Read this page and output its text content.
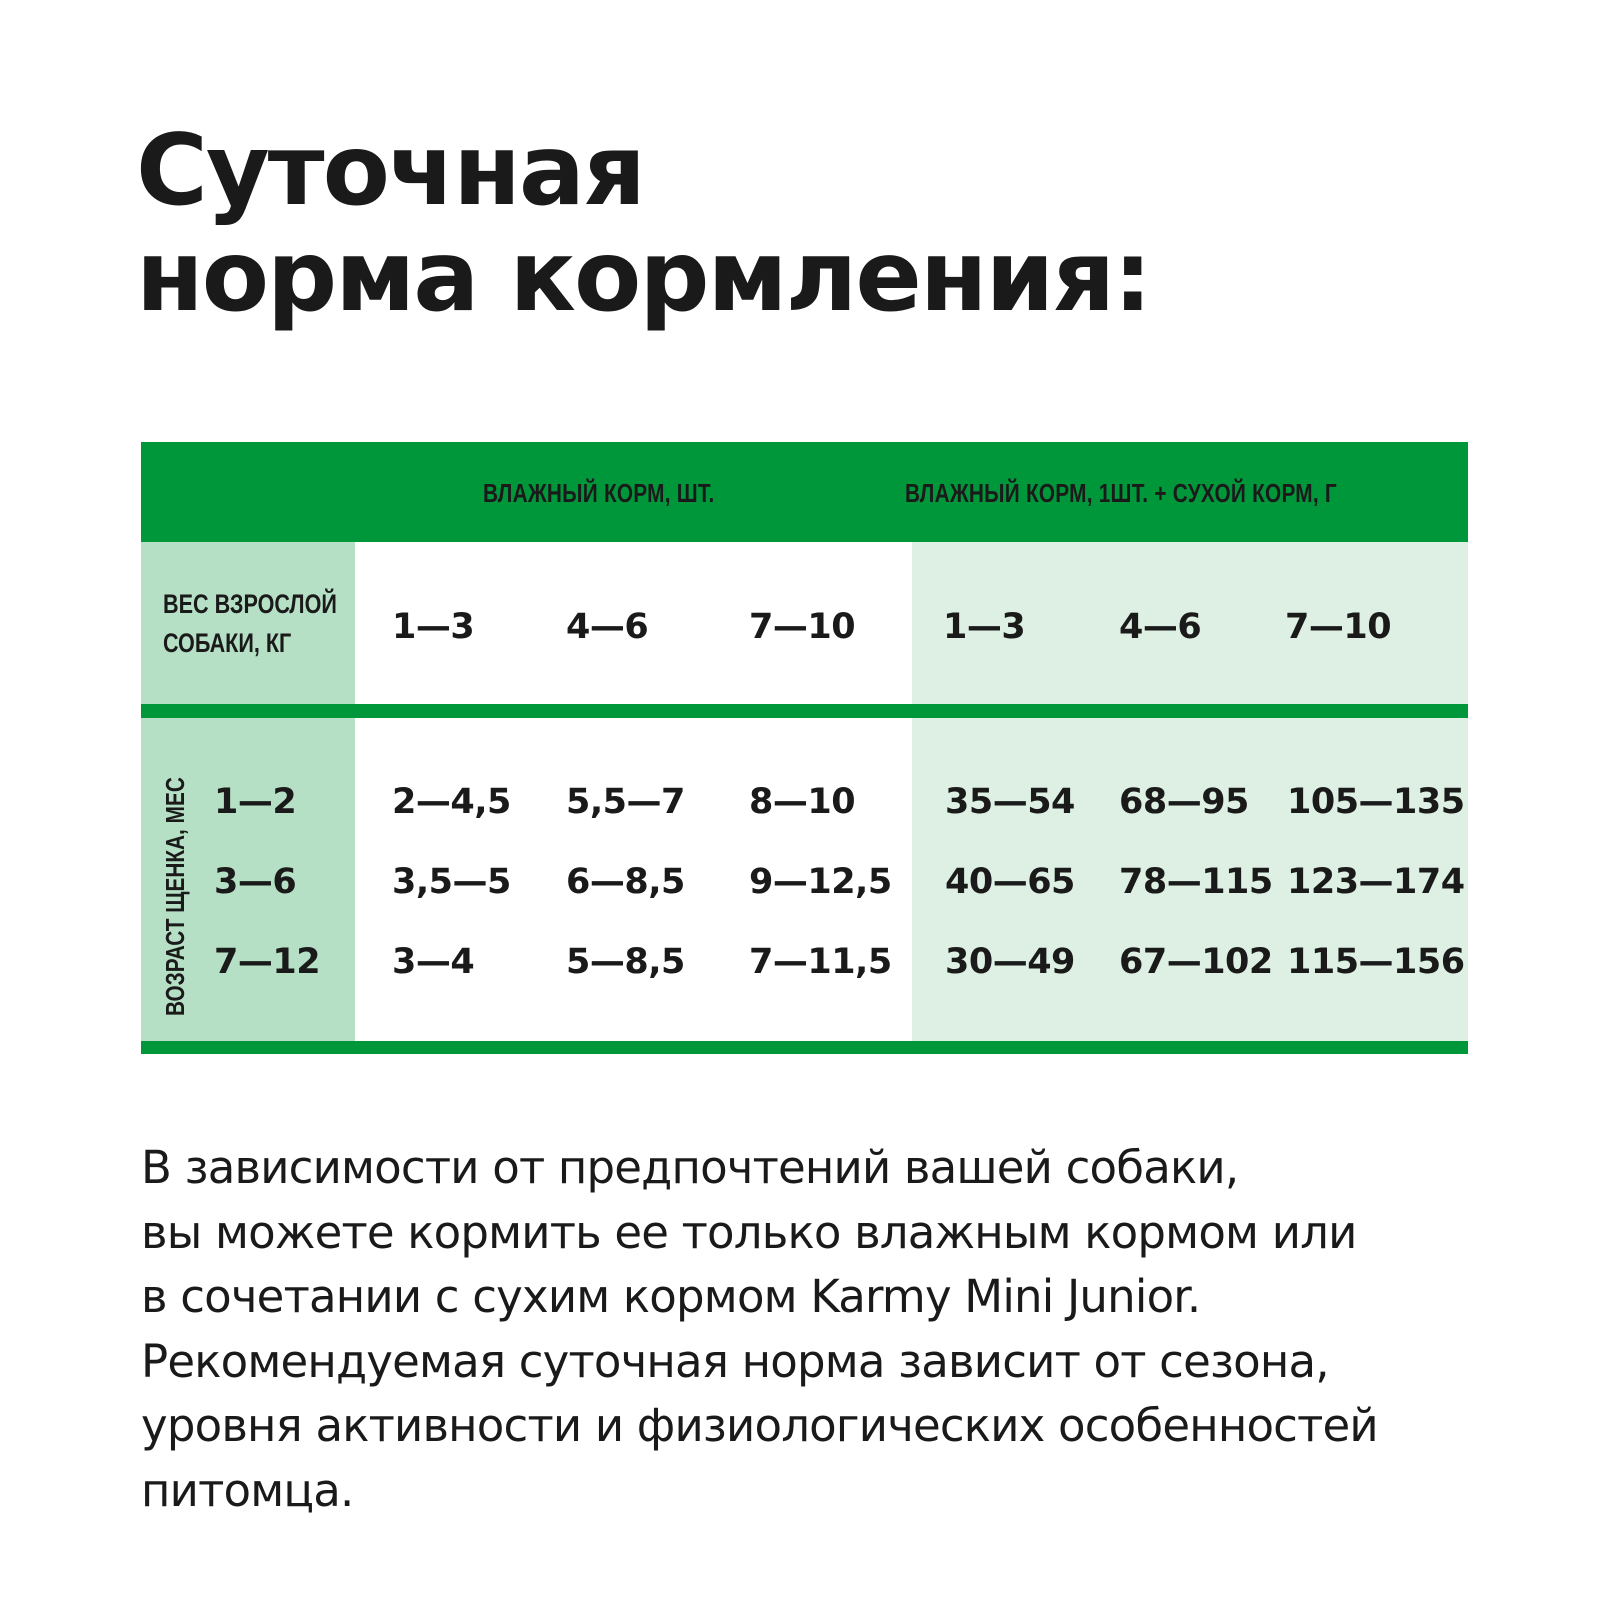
Суточная
норма кормления:
ВЛАЖНЫЙ КОРМ, ШТ.	ВЛАЖНЫЙ КОРМ, 1ШТ. + СУХОЙ КОРМ, Г
ВЕС ВЗРОСЛОЙ
СОБАКИ, КГ
ВОЗРАСТ ЩЕНКА, МЕС
1—3	4—6	7—10	1—3	4—6 7—10
1—2	2—4,5 5,5—7 8—10	35—54 68—95 105—135
3—6	3,5—5 6—8,5 9—12,5 40—65 78—115 123—174
7—12 3—4	5—8,5 7—11,5 30—49 67—102 115—156

В зависимости от предпочтений вашей собаки,
вы можете кормить ее только влажным кормом или
в сочетании с сухим кормом Karmy Mini Junior.
Рекомендуемая суточная норма зависит от сезона,
уровня активности и физиологических особенностей
питомца.
